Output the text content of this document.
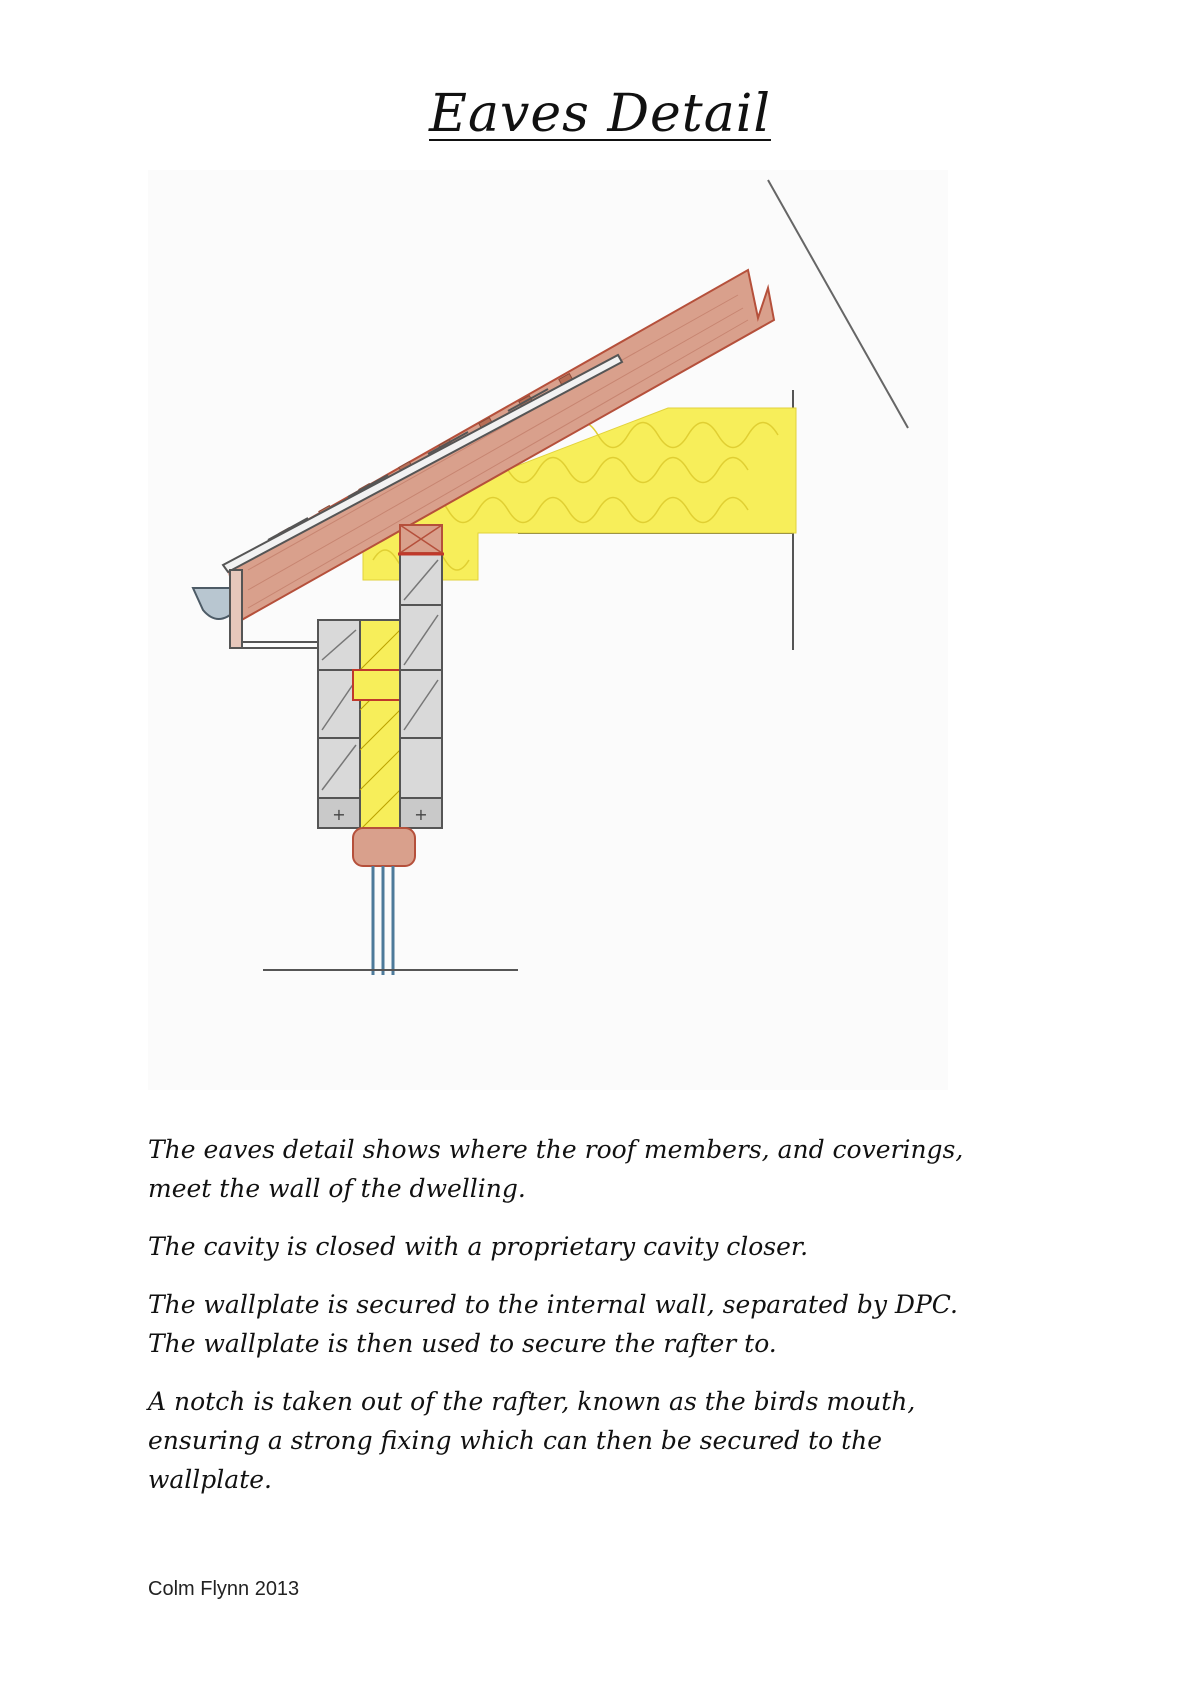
Eaves Detail
+	+

The eaves detail shows where the roof members, and coverings,
meet the wall of the dwelling.

The cavity is closed with a proprietary cavity closer.

The wallplate is secured to the internal wall, separated by DPC.
The wallplate is then used to secure the rafter to.

A notch is taken out of the rafter, known as the birds mouth,
ensuring a strong fixing which can then be secured to the
wallplate.

Colm Flynn 2013
